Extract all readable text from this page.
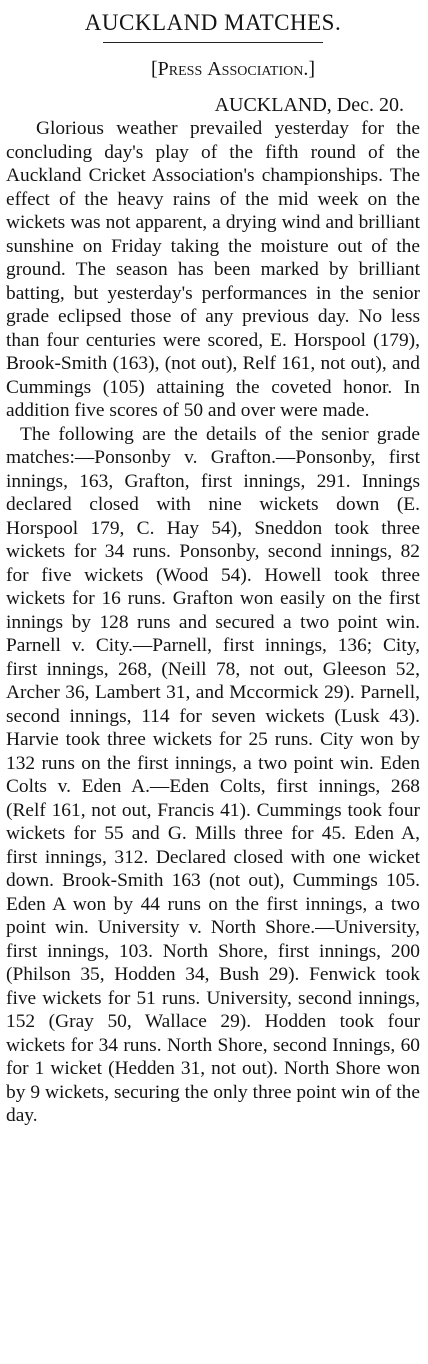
AUCKLAND MATCHES.
[Press Association.]
AUCKLAND, Dec. 20.

Glorious weather prevailed yesterday for the concluding day's play of the fifth round of the Auckland Cricket Association's championships. The effect of the heavy rains of the mid week on the wickets was not apparent, a drying wind and brilliant sunshine on Friday taking the moisture out of the ground. The season has been marked by brilliant batting, but yesterday's performances in the senior grade eclipsed those of any previous day. No less than four centuries were scored, E. Horspool (179), Brook-Smith (163), (not out), Relf 161, not out), and Cummings (105) attaining the coveted honor. In addition five scores of 50 and over were made.

The following are the details of the senior grade matches:—Ponsonby v. Grafton.—Ponsonby, first innings, 163, Grafton, first innings, 291. Innings declared closed with nine wickets down (E. Horspool 179, C. Hay 54), Sneddon took three wickets for 34 runs. Ponsonby, second innings, 82 for five wickets (Wood 54). Howell took three wickets for 16 runs. Grafton won easily on the first innings by 128 runs and secured a two point win. Parnell v. City.—Parnell, first innings, 136; City, first innings, 268, (Neill 78, not out, Gleeson 52, Archer 36, Lambert 31, and Mccormick 29). Parnell, second innings, 114 for seven wickets (Lusk 43). Harvie took three wickets for 25 runs. City won by 132 runs on the first innings, a two point win. Eden Colts v. Eden A.—Eden Colts, first innings, 268 (Relf 161, not out, Francis 41). Cummings took four wickets for 55 and G. Mills three for 45. Eden A, first innings, 312. Declared closed with one wicket down. Brook-Smith 163 (not out), Cummings 105. Eden A won by 44 runs on the first innings, a two point win. University v. North Shore.—University, first innings, 103. North Shore, first innings, 200 (Philson 35, Hodden 34, Bush 29). Fenwick took five wickets for 51 runs. University, second innings, 152 (Gray 50, Wallace 29). Hodden took four wickets for 34 runs. North Shore, second Innings, 60 for 1 wicket (Hedden 31, not out). North Shore won by 9 wickets, securing the only three point win of the day.
